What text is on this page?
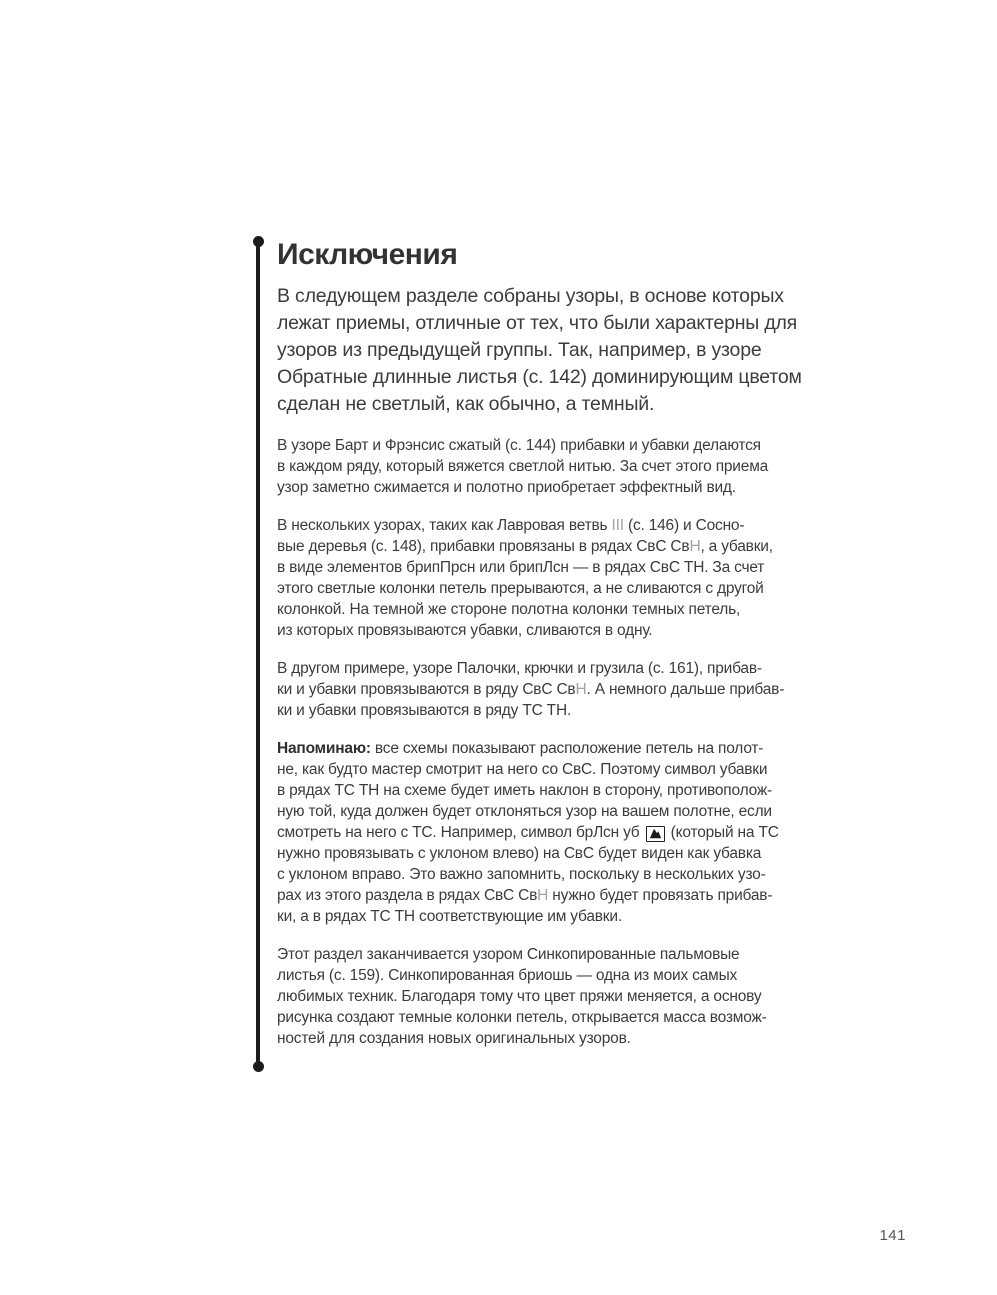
Исключения
В следующем разделе собраны узоры, в основе которых
лежат приемы, отличные от тех, что были характерны для
узоров из предыдущей группы. Так, например, в узоре
Обратные длинные листья (с. 142) доминирующим цветом
сделан не светлый, как обычно, а темный.
В узоре Барт и Фрэнсис сжатый (с. 144) прибавки и убавки делаются
в каждом ряду, который вяжется светлой нитью. За счет этого приема
узор заметно сжимается и полотно приобретает эффектный вид.
В нескольких узорах, таких как Лавровая ветвь III (с. 146) и Сосно-
вые деревья (с. 148), прибавки провязаны в рядах СвС СвН, а убавки,
в виде элементов брипПрсн или брипЛсн — в рядах СвС ТН. За счет
этого светлые колонки петель прерываются, а не сливаются с другой
колонкой. На темной же стороне полотна колонки темных петель,
из которых провязываются убавки, сливаются в одну.
В другом примере, узоре Палочки, крючки и грузила (с. 161), прибав-
ки и убавки провязываются в ряду СвС СвН. А немного дальше прибав-
ки и убавки провязываются в ряду ТС ТН.
Напоминаю: все схемы показывают расположение петель на полот-
не, как будто мастер смотрит на него со СвС. Поэтому символ убавки
в рядах ТС ТН на схеме будет иметь наклон в сторону, противополож-
ную той, куда должен будет отклоняться узор на вашем полотне, если
смотреть на него с ТС. Например, символ брЛсн уб  (который на ТС
нужно провязывать с уклоном влево) на СвС будет виден как убавка
с уклоном вправо. Это важно запомнить, поскольку в нескольких узо-
рах из этого раздела в рядах СвС СвН нужно будет провязать прибав-
ки, а в рядах ТС ТН соответствующие им убавки.
Этот раздел заканчивается узором Синкопированные пальмовые
листья (с. 159). Синкопированная бриошь — одна из моих самых
любимых техник. Благодаря тому что цвет пряжи меняется, а основу
рисунка создают темные колонки петель, открывается масса возмож-
ностей для создания новых оригинальных узоров.
141
